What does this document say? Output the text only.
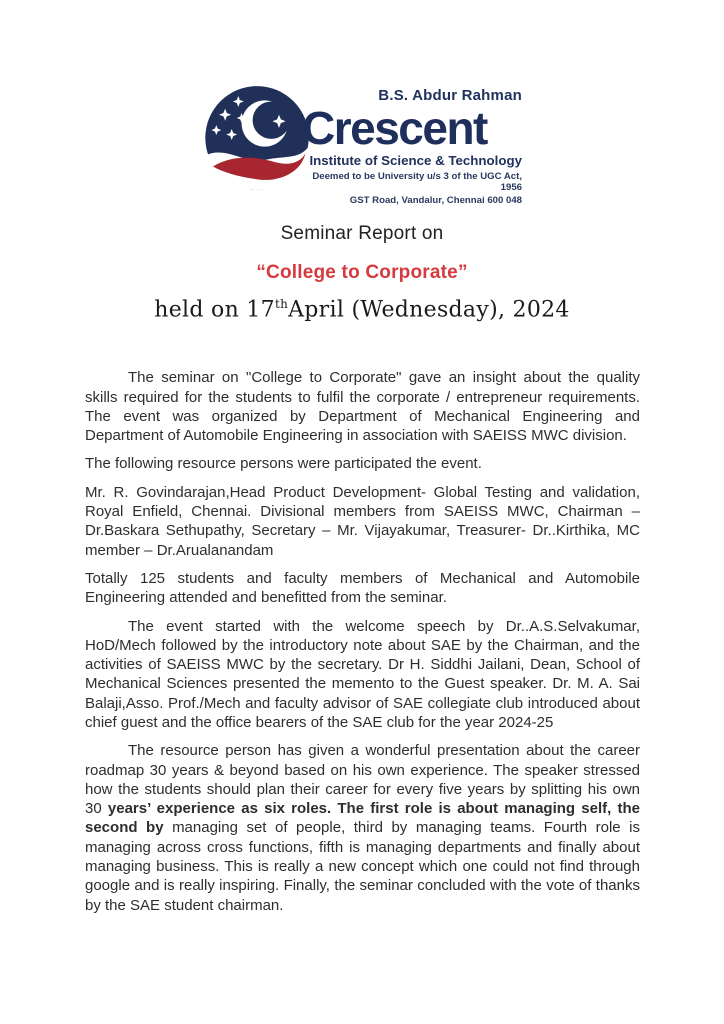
B.S. Abdur Rahman
Crescent
Institute of Science & Technology
Deemed to be University u/s 3 of the UGC Act, 1956
GST Road, Vandalur, Chennai 600 048
Seminar Report on
“College to Corporate”
held on 17thApril (Wednesday), 2024

The seminar on "College to Corporate" gave an insight about the quality skills required for the students to fulfil the corporate / entrepreneur requirements. The event was organized by Department of Mechanical Engineering and Department of Automobile Engineering in association with SAEISS MWC division.

The following resource persons were participated the event.

Mr. R. Govindarajan,Head Product Development- Global Testing and validation, Royal Enfield, Chennai. Divisional members from SAEISS MWC, Chairman – Dr.Baskara Sethupathy, Secretary – Mr. Vijayakumar, Treasurer- Dr..Kirthika, MC member – Dr.Arualanandam

Totally 125 students and faculty members of Mechanical and Automobile Engineering attended and benefitted from the seminar.

The event started with the welcome speech by Dr..A.S.Selvakumar, HoD/Mech followed by the introductory note about SAE by the Chairman, and the activities of SAEISS MWC by the secretary. Dr H. Siddhi Jailani, Dean, School of Mechanical Sciences presented the memento to the Guest speaker. Dr. M. A. Sai Balaji,Asso. Prof./Mech and faculty advisor of SAE collegiate club introduced about chief guest and the office bearers of the SAE club for the year 2024-25

The resource person has given a wonderful presentation about the career roadmap 30 years & beyond based on his own experience. The speaker stressed how the students should plan their career for every five years by splitting his own 30 years’ experience as six roles. The first role is about managing self, the second by managing set of people, third by managing teams. Fourth role is managing across cross functions, fifth is managing departments and finally about managing business. This is really a new concept which one could not find through google and is really inspiring. Finally, the seminar concluded with the vote of thanks by the SAE student chairman.
